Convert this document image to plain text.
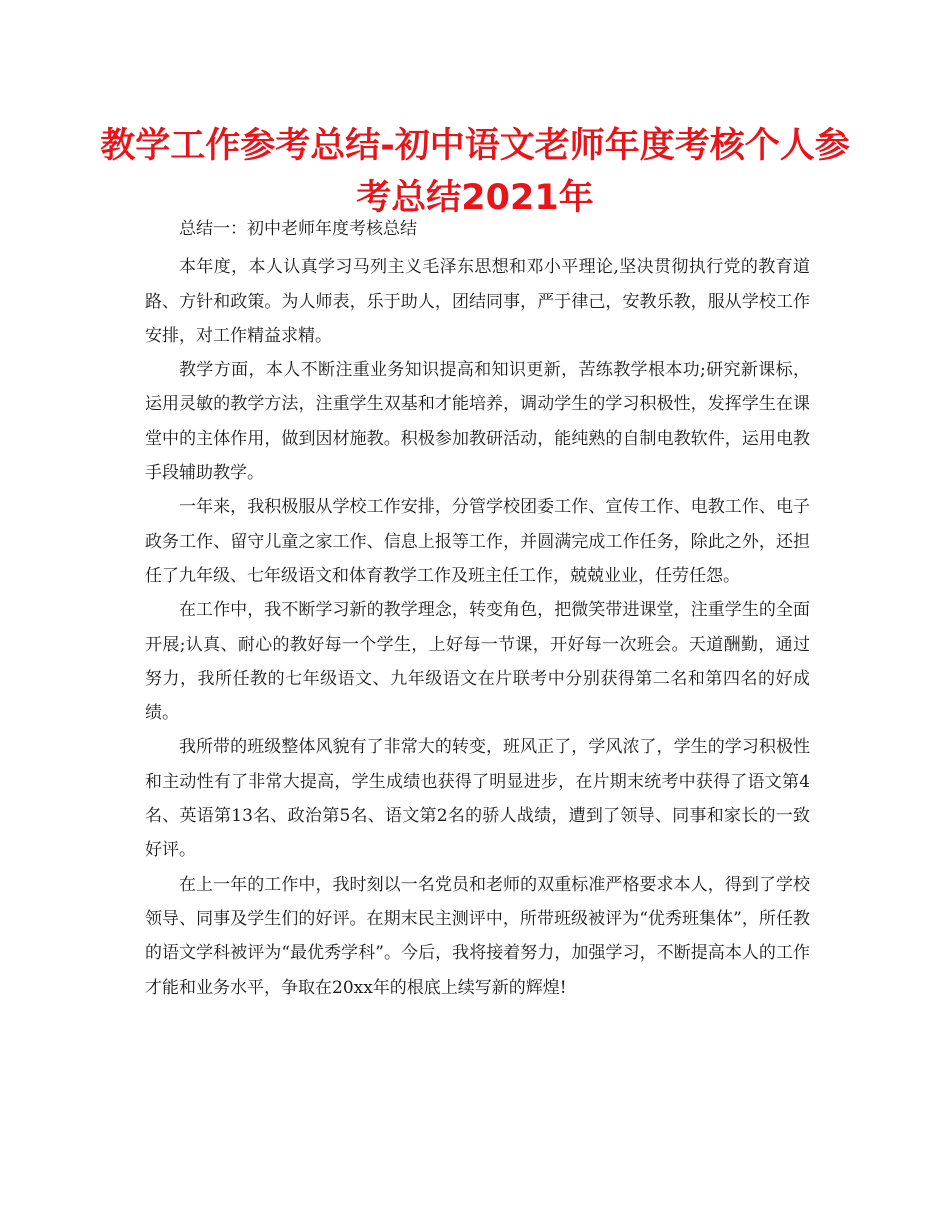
教学工作参考总结-初中语文老师年度考核个人参考总结2021年

总结一：初中老师年度考核总结

本年度，本人认真学习马列主义毛泽东思想和邓小平理论,坚决贯彻执行党的教育道路、方针和政策。为人师表，乐于助人，团结同事，严于律己，安教乐教，服从学校工作安排，对工作精益求精。

教学方面，本人不断注重业务知识提高和知识更新，苦练教学根本功;研究新课标，运用灵敏的教学方法，注重学生双基和才能培养，调动学生的学习积极性，发挥学生在课堂中的主体作用，做到因材施教。积极参加教研活动，能纯熟的自制电教软件，运用电教手段辅助教学。

一年来，我积极服从学校工作安排，分管学校团委工作、宣传工作、电教工作、电子政务工作、留守儿童之家工作、信息上报等工作，并圆满完成工作任务，除此之外，还担任了九年级、七年级语文和体育教学工作及班主任工作，兢兢业业，任劳任怨。

在工作中，我不断学习新的教学理念，转变角色，把微笑带进课堂，注重学生的全面开展;认真、耐心的教好每一个学生，上好每一节课，开好每一次班会。天道酬勤，通过努力，我所任教的七年级语文、九年级语文在片联考中分别获得第二名和第四名的好成绩。

我所带的班级整体风貌有了非常大的转变，班风正了，学风浓了，学生的学习积极性和主动性有了非常大提高，学生成绩也获得了明显进步，在片期末统考中获得了语文第4名、英语第13名、政治第5名、语文第2名的骄人战绩，遭到了领导、同事和家长的一致好评。

在上一年的工作中，我时刻以一名党员和老师的双重标准严格要求本人，得到了学校领导、同事及学生们的好评。在期末民主测评中，所带班级被评为“优秀班集体”，所任教的语文学科被评为“最优秀学科”。今后，我将接着努力，加强学习，不断提高本人的工作才能和业务水平，争取在20xx年的根底上续写新的辉煌!
